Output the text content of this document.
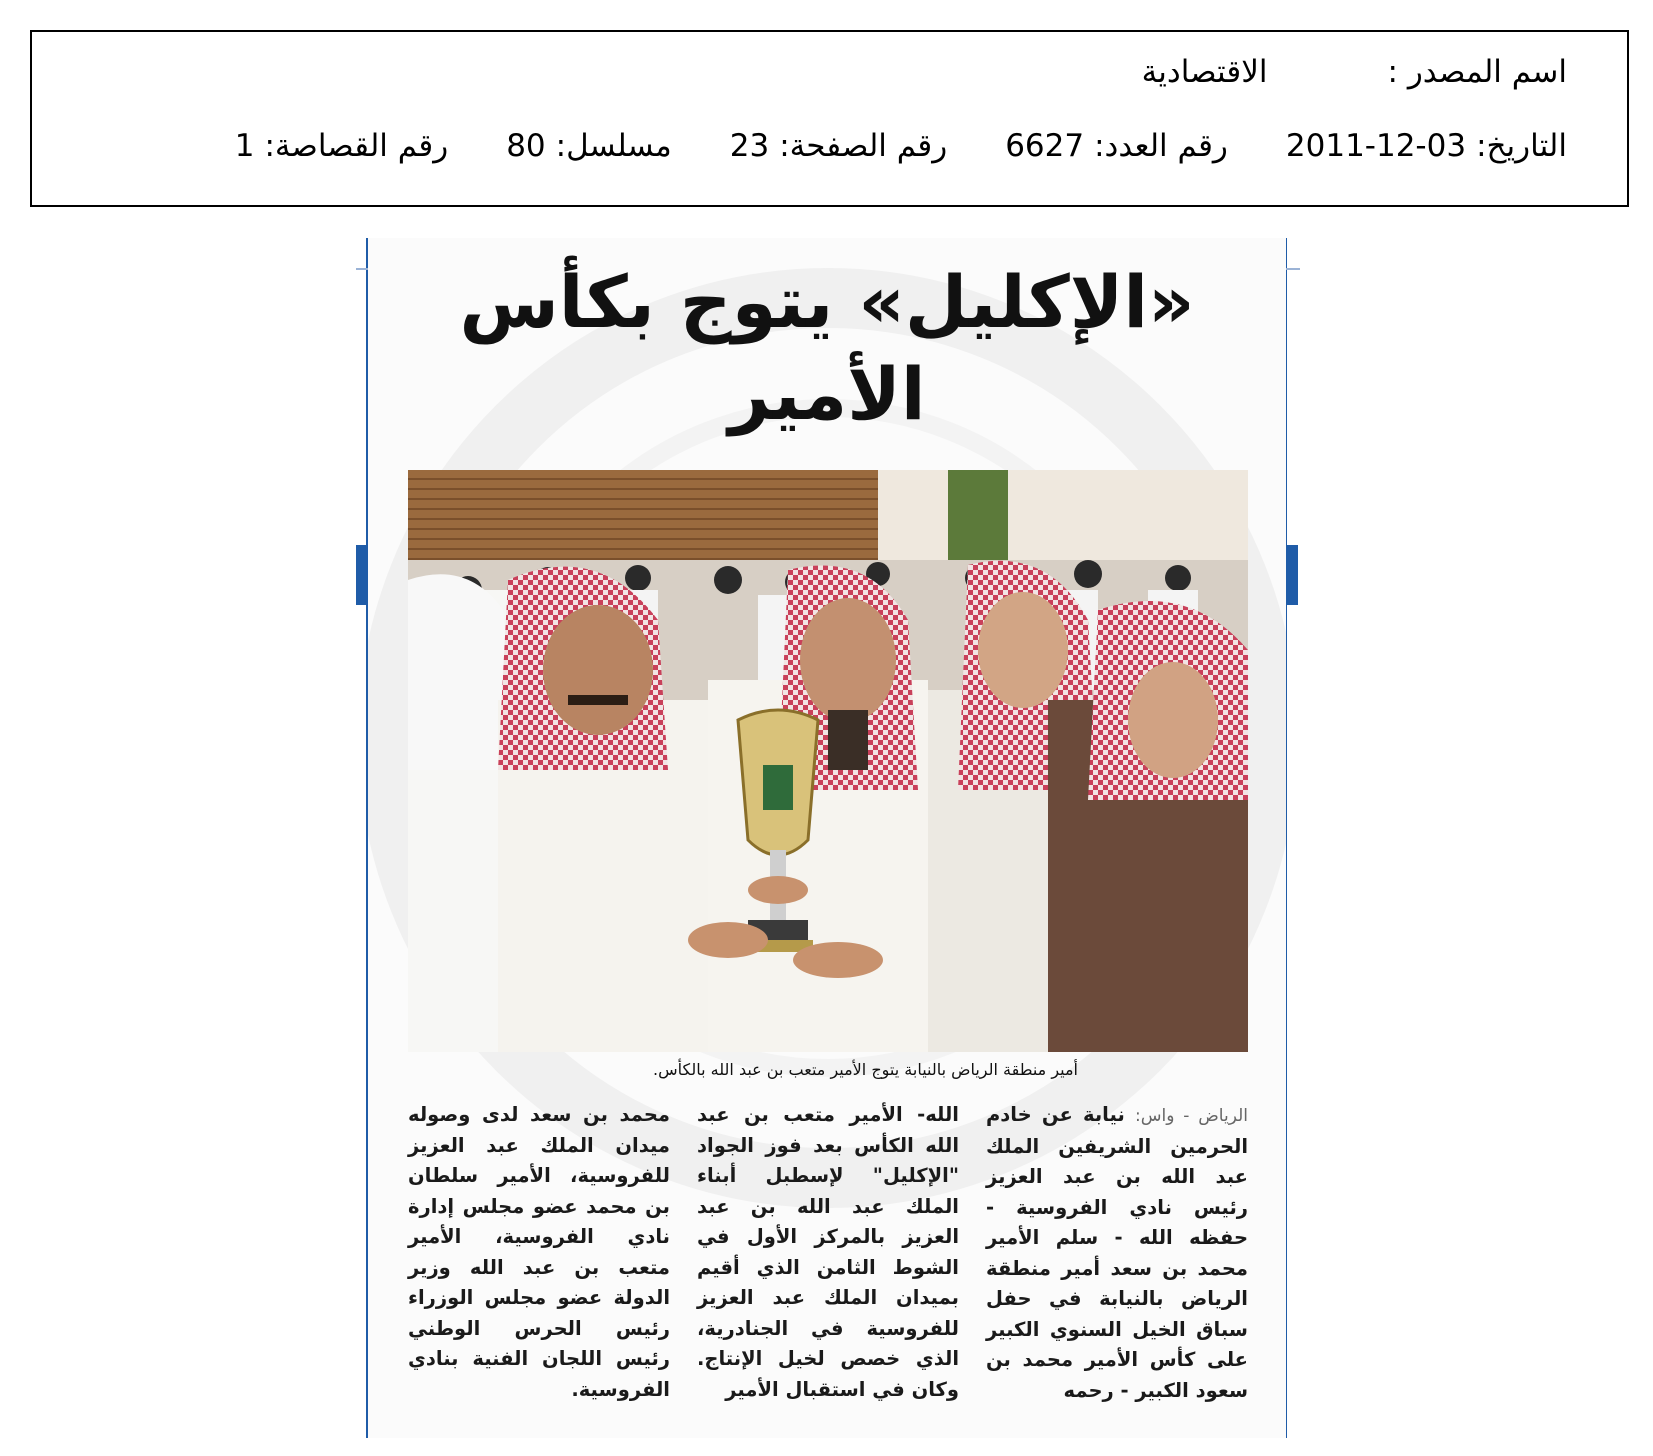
اسم المصدر :
الاقتصادية
التاريخ:
2011-12-03
رقم العدد:
6627
رقم الصفحة:
23
مسلسل:
80
رقم القصاصة:
1
«الإكليل» يتوج بكأس الأمير
أمير منطقة الرياض بالنيابة يتوج الأمير متعب بن عبد الله بالكأس.
الرياض - واس: نيابة عن خادم الحرمين الشريفين الملك عبد الله بن عبد العزيز رئيس نادي الفروسية - حفظه الله - سلم الأمير محمد بن سعد أمير منطقة الرياض بالنيابة في حفل سباق الخيل السنوي الكبير على كأس الأمير محمد بن سعود الكبير - رحمه
الله- الأمير متعب بن عبد الله الكأس بعد فوز الجواد "الإكليل" لإسطبل أبناء الملك عبد الله بن عبد العزيز بالمركز الأول في الشوط الثامن الذي أقيم بميدان الملك عبد العزيز للفروسية في الجنادرية، الذي خصص لخيل الإنتاج. وكان في استقبال الأمير
محمد بن سعد لدى وصوله ميدان الملك عبد العزيز للفروسية، الأمير سلطان بن محمد عضو مجلس إدارة نادي الفروسية، الأمير متعب بن عبد الله وزير الدولة عضو مجلس الوزراء رئيس الحرس الوطني رئيس اللجان الفنية بنادي الفروسية.
